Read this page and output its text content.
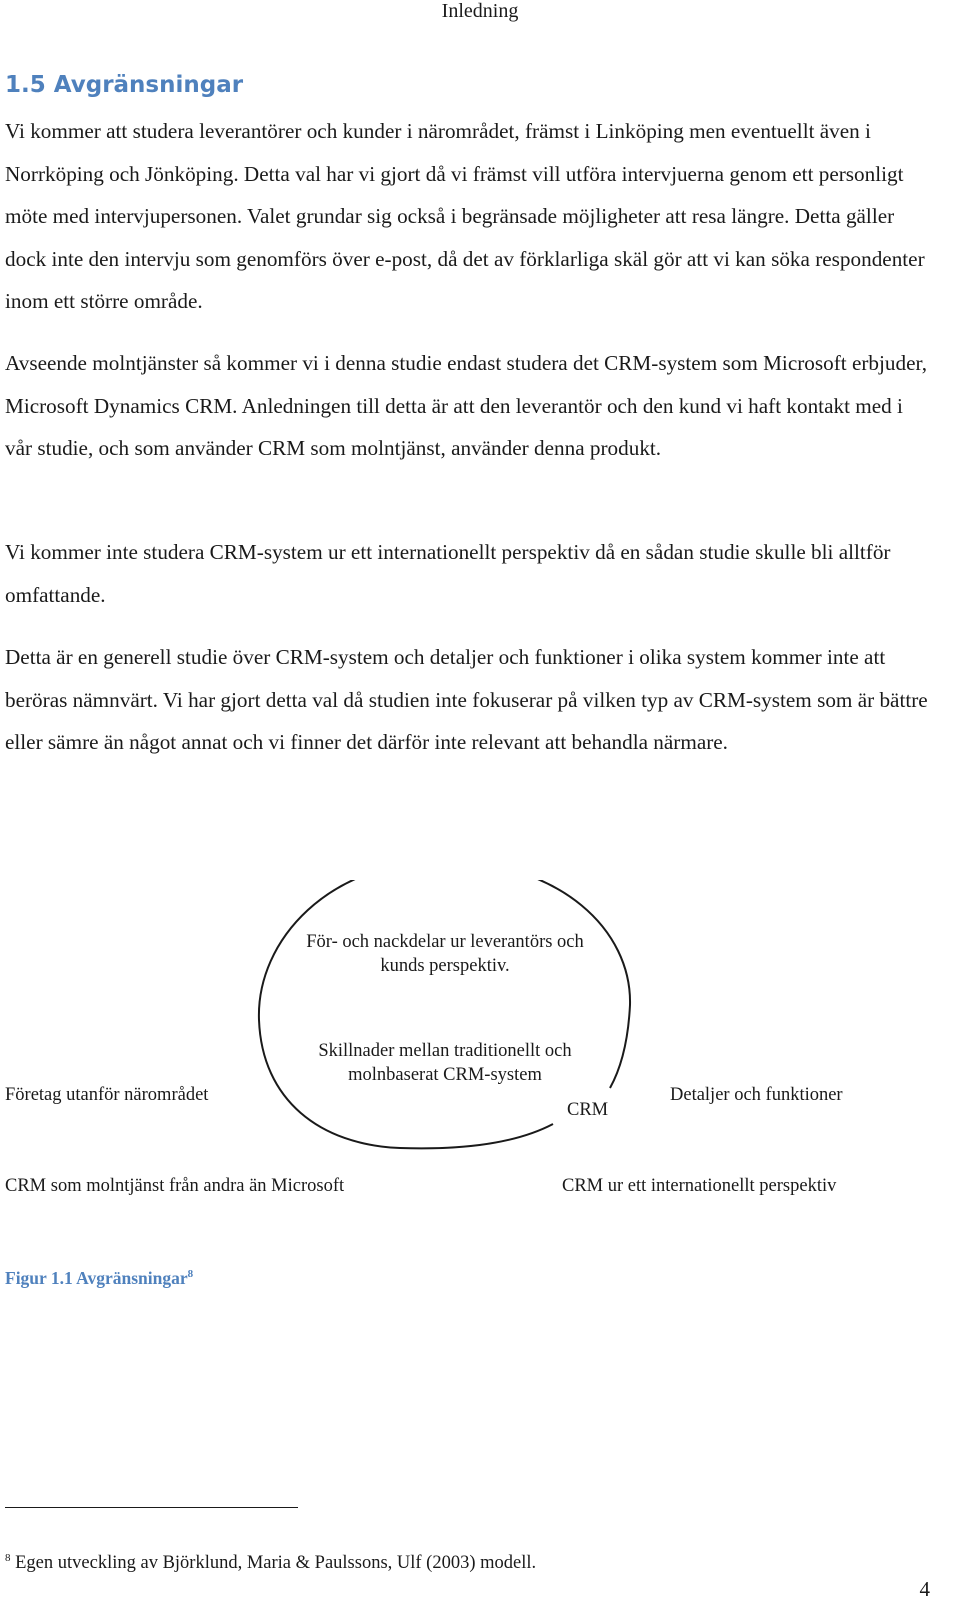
Inledning
1.5 Avgränsningar

Vi kommer att studera leverantörer och kunder i närområdet, främst i Linköping men eventuellt även i Norrköping och Jönköping. Detta val har vi gjort då vi främst vill utföra intervjuerna genom ett personligt möte med intervjupersonen. Valet grundar sig också i begränsade möjligheter att resa längre. Detta gäller dock inte den intervju som genomförs över e-post, då det av förklarliga skäl gör att vi kan söka respondenter inom ett större område.

Avseende molntjänster så kommer vi i denna studie endast studera det CRM-system som Microsoft erbjuder, Microsoft Dynamics CRM. Anledningen till detta är att den leverantör och den kund vi haft kontakt med i vår studie, och som använder CRM som molntjänst, använder denna produkt.

Vi kommer inte studera CRM-system ur ett internationellt perspektiv då en sådan studie skulle bli alltför omfattande.

Detta är en generell studie över CRM-system och detaljer och funktioner i olika system kommer inte att beröras nämnvärt. Vi har gjort detta val då studien inte fokuserar på vilken typ av CRM-system som är bättre eller sämre än något annat och vi finner det därför inte relevant att behandla närmare.

För- och nackdelar ur leverantörs och kunds perspektiv.
Skillnader mellan traditionellt och molnbaserat CRM-system
CRM
Företag utanför närområdet	Detaljer och funktioner
CRM som molntjänst från andra än Microsoft	CRM ur ett internationellt perspektiv

Figur 1.1 Avgränsningar$^8$

$^8$ Egen utveckling av Björklund, Maria & Paulssons, Ulf (2003) modell.

4
